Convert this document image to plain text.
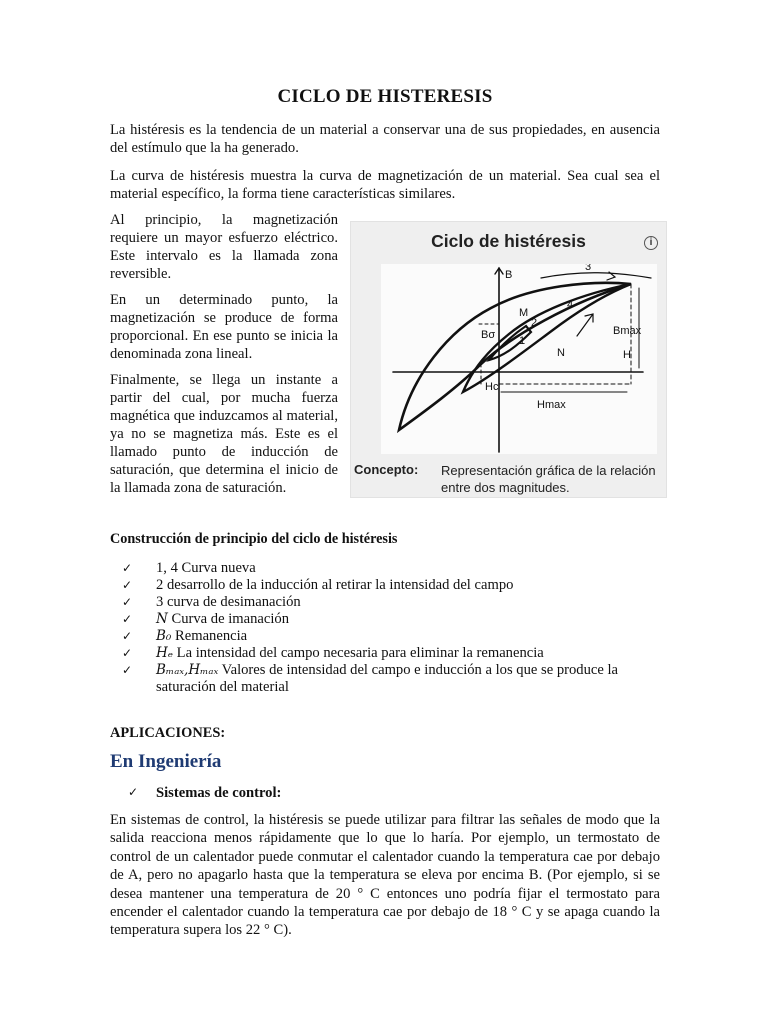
CICLO DE HISTERESIS

La histéresis es la tendencia de un material a conservar una de sus propiedades, en ausencia del estímulo que la ha generado.

La curva de histéresis muestra la curva de magnetización de un material. Sea cual sea el material específico, la forma tiene características similares.

Al principio, la magnetización requiere un mayor esfuerzo eléctrico. Este intervalo es la llamada zona reversible.

En un determinado punto, la magnetización se produce de forma proporcional. En ese punto se inicia la denominada zona lineal.

Finalmente, se llega un instante a partir del cual, por mucha fuerza magnética que induzcamos al material, ya no se magnetiza más. Este es el llamado punto de inducción de saturación, que determina el inicio de la llamada zona de saturación.

Ciclo de histéresis	i
B
3
4
M
2
1
N
Bσ
Hc
Bmax
H
Hmax
Concepto: Representación gráfica de la relación entre dos magnitudes.
Construcción de principio del ciclo de histéresis
✓ 1, 4 Curva nueva
✓ 2 desarrollo de la inducción al retirar la intensidad del campo
✓ 3 curva de desimanación
✓ N Curva de imanación
✓ B₀ Remanencia
✓ Hₑ La intensidad del campo necesaria para eliminar la remanencia
✓ Bₘₐₓ,Hₘₐₓ Valores de intensidad del campo e inducción a los que se produce la saturación del material
APLICACIONES:
En Ingeniería
✓ Sistemas de control:

En sistemas de control, la histéresis se puede utilizar para filtrar las señales de modo que la salida reacciona menos rápidamente que lo que lo haría. Por ejemplo, un termostato de control de un calentador puede conmutar el calentador cuando la temperatura cae por debajo de A, pero no apagarlo hasta que la temperatura se eleva por encima B. (Por ejemplo, si se desea mantener una temperatura de 20 ° C entonces uno podría fijar el termostato para encender el calentador cuando la temperatura cae por debajo de 18 ° C y se apaga cuando la temperatura supera los 22 ° C).
